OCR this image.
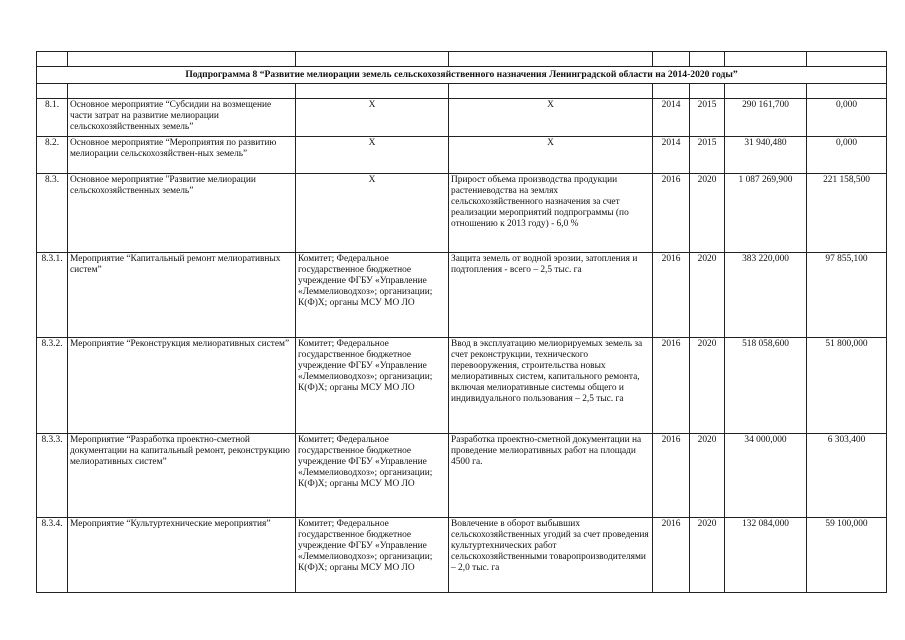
Подпрограмма 8 “Развитие мелиорации земель сельскохозяйственного назначения Ленинградской области на 2014-2020 годы”							

8.1.	Основное мероприятие “Субсидии на возмещение части затрат на развитие мелиорации сельскохозяйственных земель”	Х	Х	2014	2015	290 161,700	0,000
8.2.	Основное мероприятие “Мероприятия по развитию мелиорации сельскохозяйствен-ных земель”	Х	Х	2014	2015	31 940,480	0,000
8.3.	Основное мероприятие "Развитие мелиорации сельскохозяйственных земель”	Х	Прирост объема производства продукции растениеводства на землях сельскохозяйственного назначения за счет реализации мероприятий подпрограммы (по отношению к 2013 году) - 6,0 %	2016	2020	1 087 269,900	221 158,500
8.3.1.	Мероприятие “Капитальный ремонт мелиоративных систем”	Комитет; Федеральное государственное бюджетное учреждение ФГБУ «Управление «Леммелиоводхоз»; организации; К(Ф)Х; органы МСУ МО ЛО	Защита земель от водной эрозии, затопления и подтопления - всего – 2,5 тыс. га	2016	2020	383 220,000	97 855,100
8.3.2.	Мероприятие “Реконструкция мелиоративных систем”	Комитет; Федеральное государственное бюджетное учреждение ФГБУ «Управление «Леммелиоводхоз»; организации; К(Ф)Х; органы МСУ МО ЛО	Ввод в эксплуатацию мелиорируемых земель за счет реконструкции, технического перевооружения, строительства новых мелиоративных систем, капитального ремонта, включая мелиоративные системы общего и индивидуального пользования – 2,5 тыс. га	2016	2020	518 058,600	51 800,000
8.3.3.	Мероприятие “Разработка проектно-сметной документации на капитальный ремонт, реконструкцию мелиоративных систем”	Комитет; Федеральное государственное бюджетное учреждение ФГБУ «Управление «Леммелиоводхоз»; организации; К(Ф)Х; органы МСУ МО ЛО	Разработка проектно-сметной документации на проведение мелиоративных работ на площади 4500 га.	2016	2020	34 000,000	6 303,400
8.3.4.	Мероприятие “Культуртехнические мероприятия”	Комитет; Федеральное государственное бюджетное учреждение ФГБУ «Управление «Леммелиоводхоз»; организации; К(Ф)Х; органы МСУ МО ЛО	Вовлечение в оборот выбывших сельскохозяйственных угодий за счет проведения культуртехнических работ сельскохозяйственными товаропроизводителями – 2,0 тыс. га	2016	2020	132 084,000	59 100,000
